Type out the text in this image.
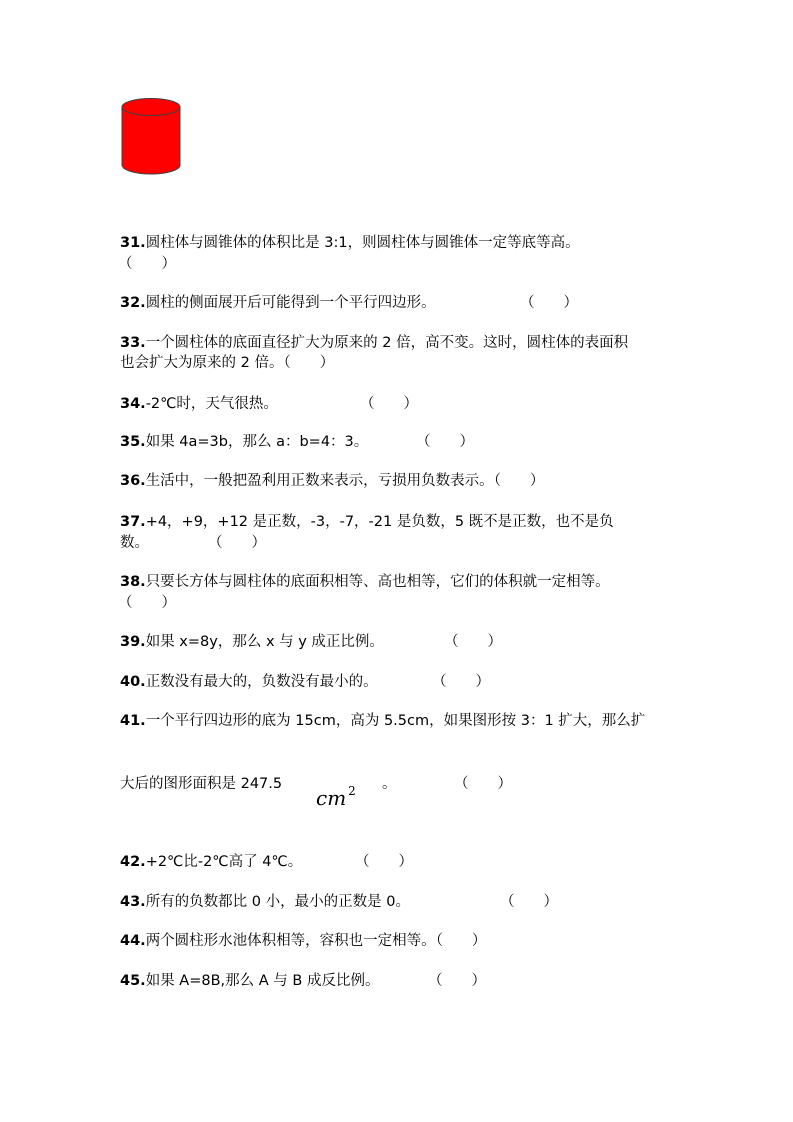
31.圆柱体与圆锥体的体积比是 3:1，则圆柱体与圆锥体一定等底等高。
（　　）
32.圆柱的侧面展开后可能得到一个平行四边形。	（　　）
33.一个圆柱体的底面直径扩大为原来的 2 倍，高不变。这时，圆柱体的表面积
也会扩大为原来的 2 倍。（　　）
34.-2℃时，天气很热。	（　　）
35.如果 4a=3b，那么 a：b=4：3。	（　　）
36.生活中，一般把盈利用正数来表示，亏损用负数表示。（　　）
37.+4，+9，+12 是正数，-3，-7，-21 是负数，5 既不是正数，也不是负
数。	（　　）
38.只要长方体与圆柱体的底面积相等、高也相等，它们的体积就一定相等。
（　　）
39.如果 x=8y，那么 x 与 y 成正比例。	（　　）
40.正数没有最大的，负数没有最小的。	（　　）
41.一个平行四边形的底为 15cm，高为 5.5cm，如果图形按 3：1 扩大，那么扩
大后的图形面积是 247.5
cm $^2$ 。	（　　）
42.+2℃比-2℃高了 4℃。	（　　）
43.所有的负数都比 0 小，最小的正数是 0。	（　　）
44.两个圆柱形水池体积相等，容积也一定相等。（　　）
45.如果 A=8B,那么 A 与 B 成反比例。	（　　）
